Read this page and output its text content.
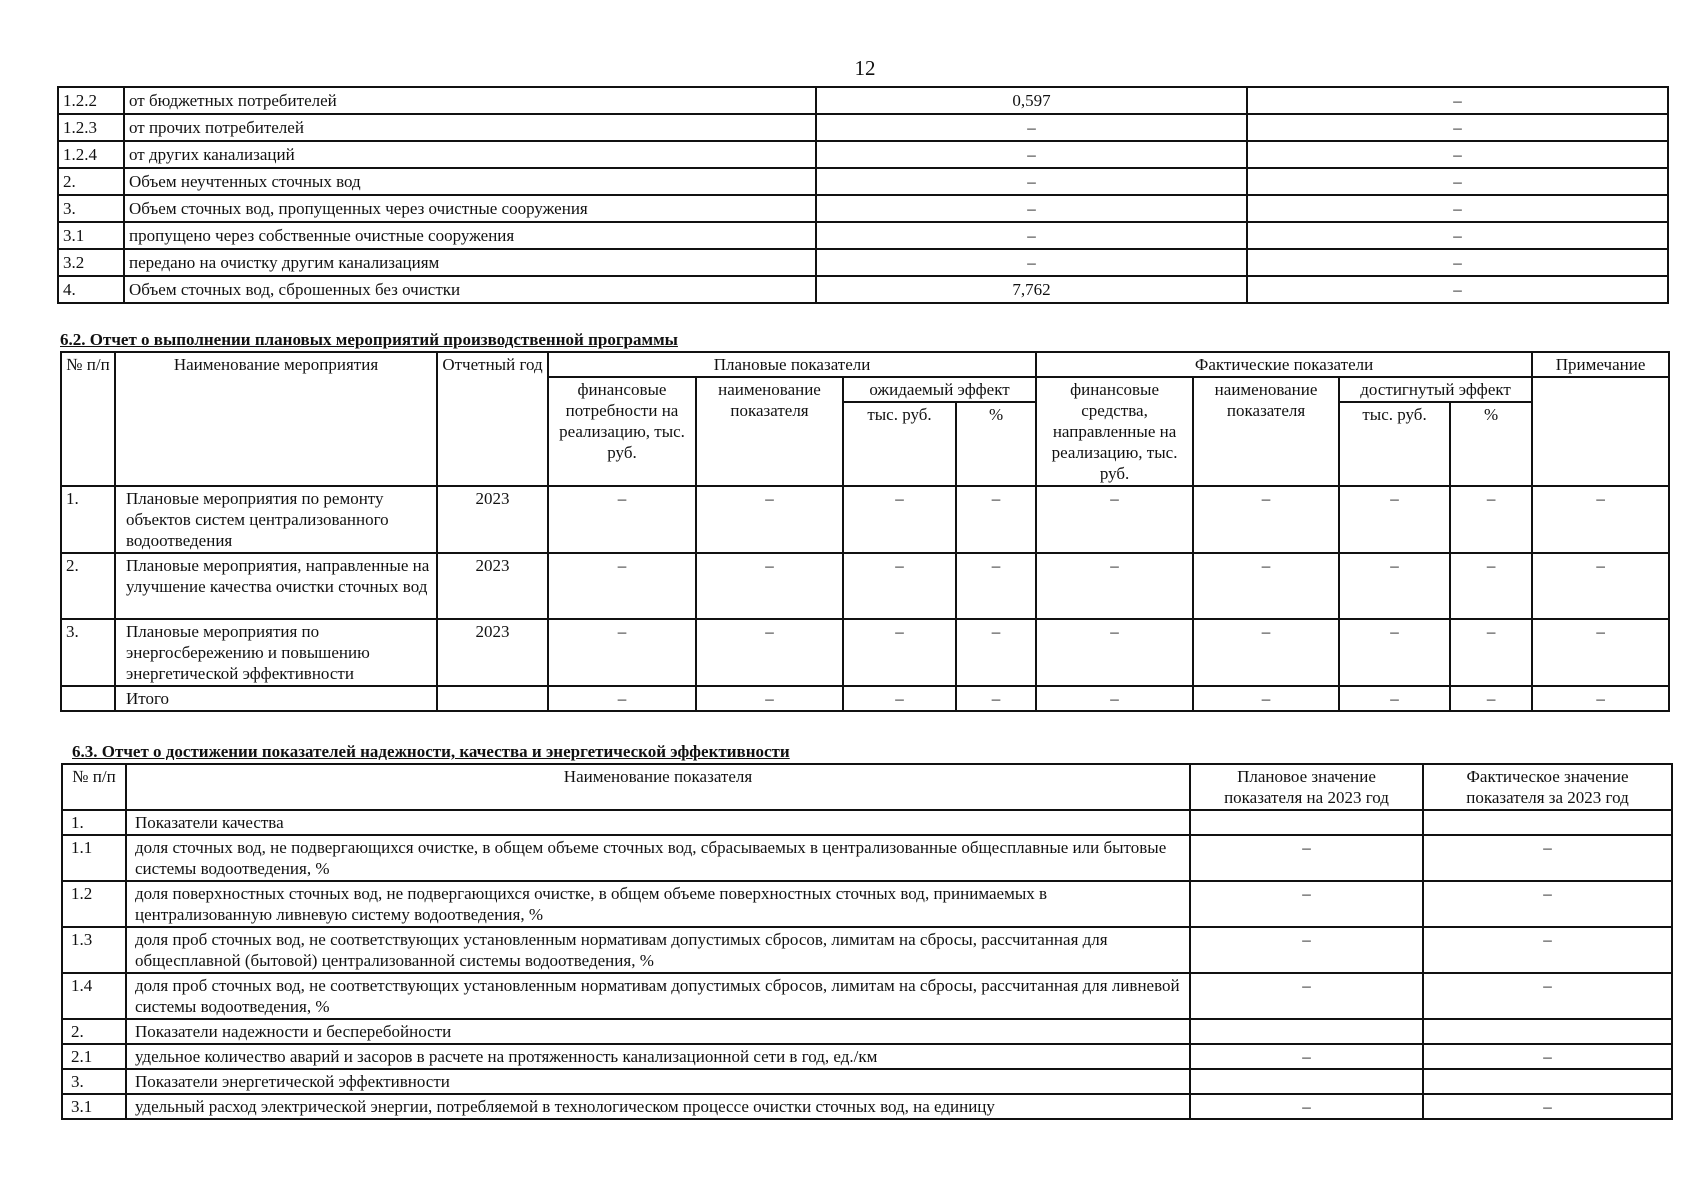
12
1.2.2	от бюджетных потребителей	0,597	–
1.2.3	от прочих потребителей	–	–
1.2.4	от других канализаций	–	–
2.	Объем неучтенных сточных вод	–	–
3.	Объем сточных вод, пропущенных через очистные сооружения	–	–
3.1	пропущено через собственные очистные сооружения	–	–
3.2	передано на очистку другим канализациям	–	–
4.	Объем сточных вод, сброшенных без очистки	7,762	–
6.2. Отчет о выполнении плановых мероприятий производственной программы
№ п/п	Наименование мероприятия	Отчетный год	Плановые показатели				Фактические показатели				Примечание
			финансовые потребности на реализацию, тыс. руб.	наименование показателя	ожидаемый эффект		финансовые средства, направленные на реализацию, тыс. руб.	наименование показателя	достигнутый эффект		
					тыс. руб.	%			тыс. руб.	%	
1.	Плановые мероприятия по ремонту объектов систем централизованного водоотведения	2023	–	–	–	–	–	–	–	–	–
2.	Плановые мероприятия, направленные на улучшение качества очистки сточных вод	2023	–	–	–	–	–	–	–	–	–
3.	Плановые мероприятия по энергосбережению и повышению энергетической эффективности	2023	–	–	–	–	–	–	–	–	–
	Итого		–	–	–	–	–	–	–	–	–
6.3. Отчет о достижении показателей надежности, качества и энергетической эффективности
№ п/п	Наименование показателя	Плановое значение показателя на 2023 год	Фактическое значение показателя за 2023 год
1.	Показатели качества		
1.1	доля сточных вод, не подвергающихся очистке, в общем объеме сточных вод, сбрасываемых в централизованные общесплавные или бытовые системы водоотведения, %	–	–
1.2	доля поверхностных сточных вод, не подвергающихся очистке, в общем объеме поверхностных сточных вод, принимаемых в централизованную ливневую систему водоотведения, %	–	–
1.3	доля проб сточных вод, не соответствующих установленным нормативам допустимых сбросов, лимитам на сбросы, рассчитанная для общесплавной (бытовой) централизованной системы водоотведения, %	–	–
1.4	доля проб сточных вод, не соответствующих установленным нормативам допустимых сбросов, лимитам на сбросы, рассчитанная для ливневой системы водоотведения, %	–	–
2.	Показатели надежности и бесперебойности		
2.1	удельное количество аварий и засоров в расчете на протяженность канализационной сети в год, ед./км	–	–
3.	Показатели энергетической эффективности		
3.1	удельный расход электрической энергии, потребляемой в технологическом процессе очистки сточных вод, на единицу	–	–
